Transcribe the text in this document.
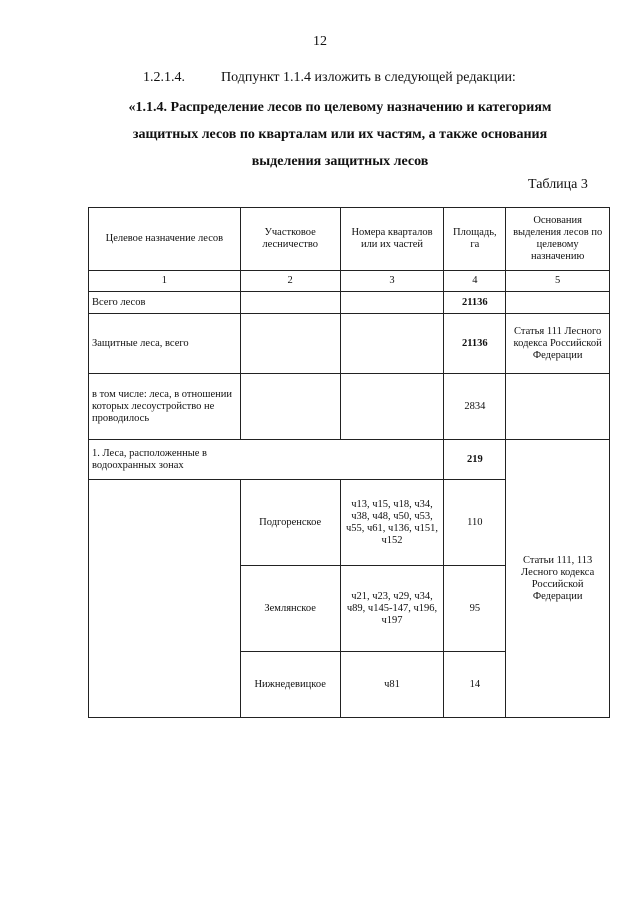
12
1.2.1.4.	Подпункт 1.1.4 изложить в следующей редакции:
«1.1.4. Распределение лесов по целевому назначению и категориям
защитных лесов по кварталам или их частям, а также основания
выделения защитных лесов
Таблица 3
Целевое назначение лесов	Участковое лесничество	Номера кварталов или их частей	Площадь, га	Основания выделения лесов по целевому назначению
1	2	3	4	5
Всего лесов			21136	
Защитные леса, всего			21136	Статья 111 Лесного кодекса Российской Федерации
в том числе: леса, в отношении которых лесоустройство не проводилось			2834	
1. Леса, расположенные в водоохранных зонах			219	Статьи 111, 113 Лесного кодекса Российской Федерации
	Подгоренское	ч13, ч15, ч18, ч34, ч38, ч48, ч50, ч53, ч55, ч61, ч136, ч151, ч152	110	
	Землянское	ч21, ч23, ч29, ч34, ч89, ч145-147, ч196, ч197	95	
	Нижнедевицкое	ч81	14	
